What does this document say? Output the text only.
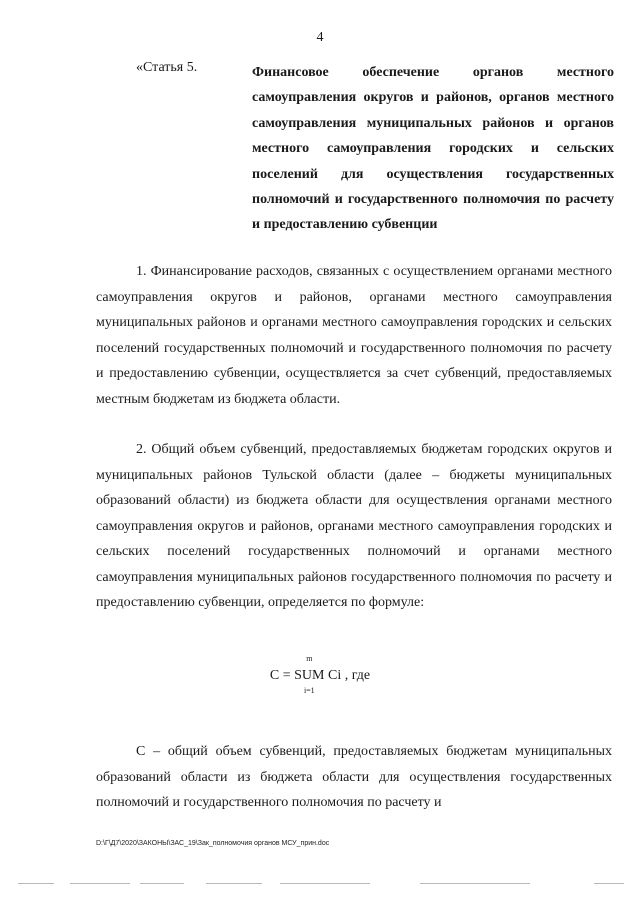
4
«Статья 5.	Финансовое обеспечение органов местного самоуправления округов и районов, органов местного самоуправления муниципальных районов и органов местного самоуправления городских и сельских поселений для осуществления государственных полномочий и государственного полномочия по расчету и предоставлению субвенции

1. Финансирование расходов, связанных с осуществлением органами местного самоуправления округов и районов, органами местного самоуправления муниципальных районов и органами местного самоуправления городских и сельских поселений государственных полномочий и государственного полномочия по расчету и предоставлению субвенции, осуществляется за счет субвенций, предоставляемых местным бюджетам из бюджета области.

2. Общий объем субвенций, предоставляемых бюджетам городских округов и муниципальных районов Тульской области (далее – бюджеты муниципальных образований области) из бюджета области для осуществления органами местного самоуправления округов и районов, органами местного самоуправления городских и сельских поселений государственных полномочий и органами местного самоуправления муниципальных районов государственного полномочия по расчету и предоставлению субвенции, определяется по формуле:

С =
m
SUM
i=1
Ci , где

С – общий объем субвенций, предоставляемых бюджетам муниципальных образований области из бюджета области для осуществления государственных полномочий и государственного полномочия по расчету и

D:\Г\Д7\2020\ЗАКОНЫ\ЗАС_19\Зак_полномочия органов МСУ_прин.doc
